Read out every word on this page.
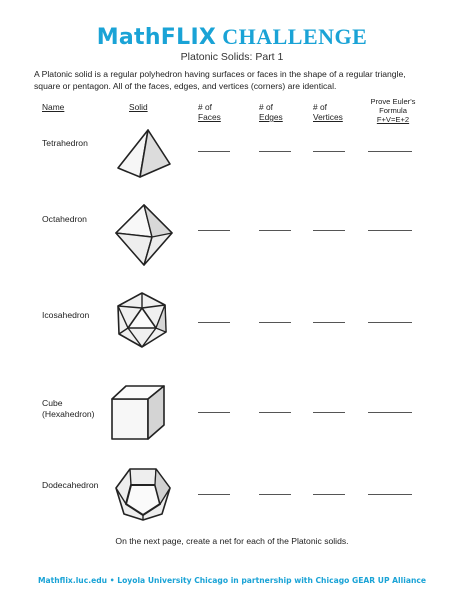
MathFLIX CHALLENGE
Platonic Solids: Part 1
A Platonic solid is a regular polyhedron having surfaces or faces in the shape of a regular triangle, square or pentagon. All of the faces, edges, and vertices (corners) are identical.
Name	Solid	# of
Faces
# of
Edges
# of
Vertices
Prove Euler's
Formula
F+V=E+2
Tetrahedron
Octahedron
Icosahedron
Cube
(Hexahedron)
Dodecahedron
On the next page, create a net for each of the Platonic solids.
Mathflix.luc.edu • Loyola University Chicago in partnership with Chicago GEAR UP Alliance
